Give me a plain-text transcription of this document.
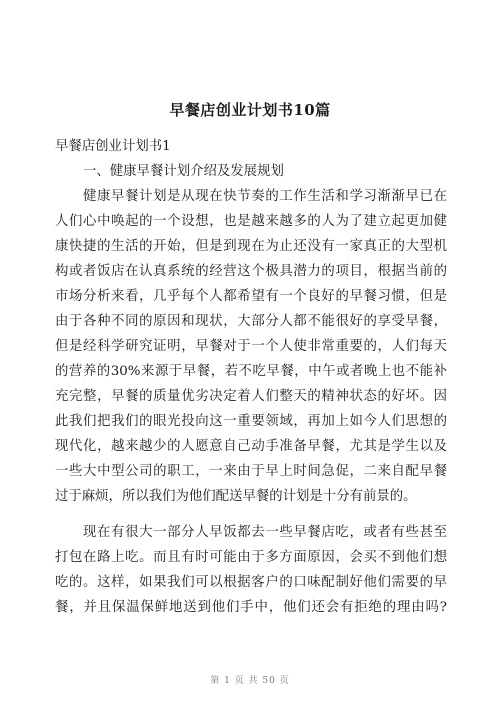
早餐店创业计划书10篇
早餐店创业计划书1
一、健康早餐计划介绍及发展规划
健康早餐计划是从现在快节奏的工作生活和学习渐渐早已在
人们心中唤起的一个设想，也是越来越多的人为了建立起更加健
康快捷的生活的开始，但是到现在为止还没有一家真正的大型机
构或者饭店在认真系统的经营这个极具潜力的项目，根据当前的
市场分析来看，几乎每个人都希望有一个良好的早餐习惯，但是
由于各种不同的原因和现状，大部分人都不能很好的享受早餐，
但是经科学研究证明，早餐对于一个人使非常重要的，人们每天
的营养的30%来源于早餐，若不吃早餐，中午或者晚上也不能补
充完整，早餐的质量优劣决定着人们整天的精神状态的好坏。因
此我们把我们的眼光投向这一重要领域，再加上如今人们思想的
现代化，越来越少的人愿意自己动手准备早餐，尤其是学生以及
一些大中型公司的职工，一来由于早上时间急促，二来自配早餐
过于麻烦，所以我们为他们配送早餐的计划是十分有前景的。
现在有很大一部分人早饭都去一些早餐店吃，或者有些甚至
打包在路上吃。而且有时可能由于多方面原因，会买不到他们想
吃的。这样，如果我们可以根据客户的口味配制好他们需要的早
餐，并且保温保鲜地送到他们手中，他们还会有拒绝的理由吗?
第 1 页 共 50 页
